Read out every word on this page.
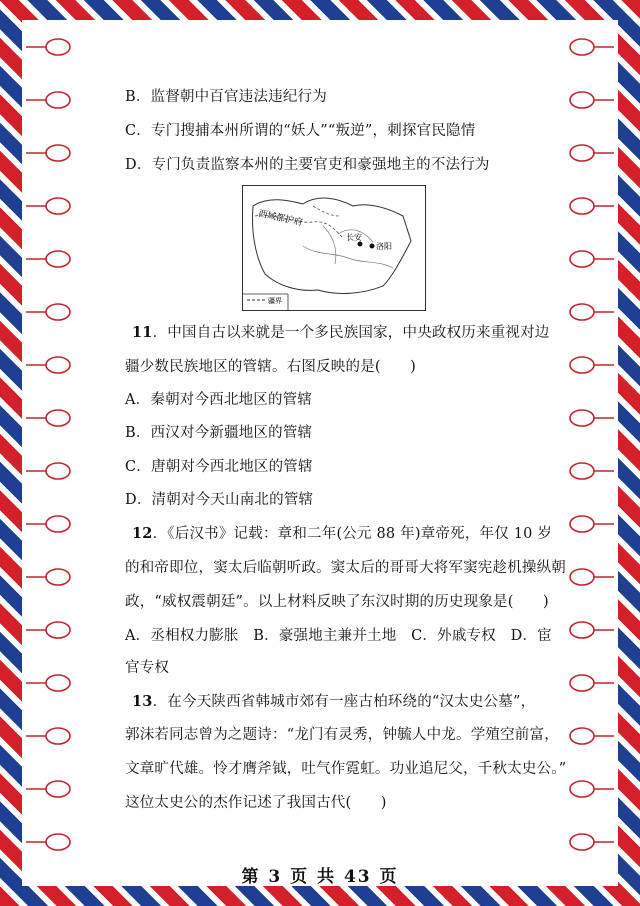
B．监督朝中百官违法违纪行为
C．专门搜捕本州所谓的“妖人”“叛逆”，刺探官民隐情
D．专门负责监察本州的主要官吏和豪强地主的不法行为
西域都护府
长安
洛阳
疆界
11．中国自古以来就是一个多民族国家，中央政权历来重视对边
疆少数民族地区的管辖。右图反映的是(　　)
A．秦朝对今西北地区的管辖
B．西汉对今新疆地区的管辖
C．唐朝对今西北地区的管辖
D．清朝对今天山南北的管辖
12．《后汉书》记载：章和二年(公元 88 年)章帝死，年仅 10 岁
的和帝即位，窦太后临朝听政。窦太后的哥哥大将军窦宪趁机操纵朝
政，“威权震朝廷”。以上材料反映了东汉时期的历史现象是(　　)
A．丞相权力膨胀　B．豪强地主兼并土地　C．外戚专权　D．宦
官专权
13．在今天陕西省韩城市郊有一座古柏环绕的“汉太史公墓”，
郭沫若同志曾为之题诗：“龙门有灵秀，钟毓人中龙。学殖空前富，
文章旷代雄。怜才膺斧钺，吐气作霓虹。功业追尼父，千秋太史公。”
这位太史公的杰作记述了我国古代(　　)
第 3 页 共 43 页
